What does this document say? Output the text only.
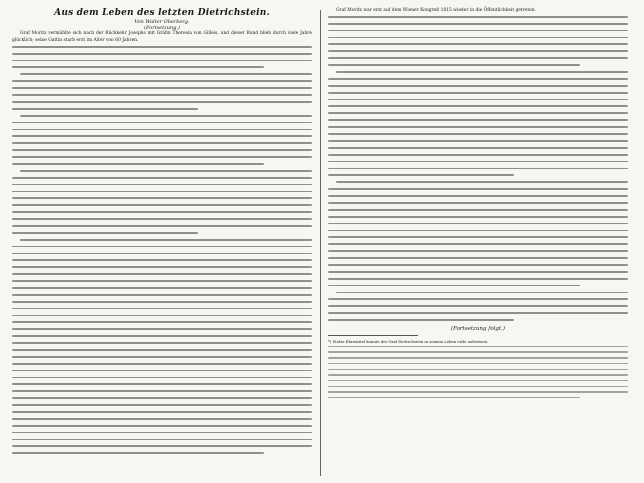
Aus dem Leben des letzten Dietrichstein.

Von Walter Oberberg.

(Fortsetzung.)

Graf Moritz vermählte sich nach der Rückkehr Josephs mit Gräfin Theresia von Gilleis, und dieser Bund blieb durch viele Jahre glücklich; seine Gattin starb erst im Alter von 60 Jahren.

Graf Moritz war erst auf dem Wiener Kongreß 1815 wieder in die Öffentlichkeit getreten.

(Fortsetzung folgt.)

*) Stolze Ehrentitel konnte der Graf Dietrichstein in seinem Leben viele aufweisen.
